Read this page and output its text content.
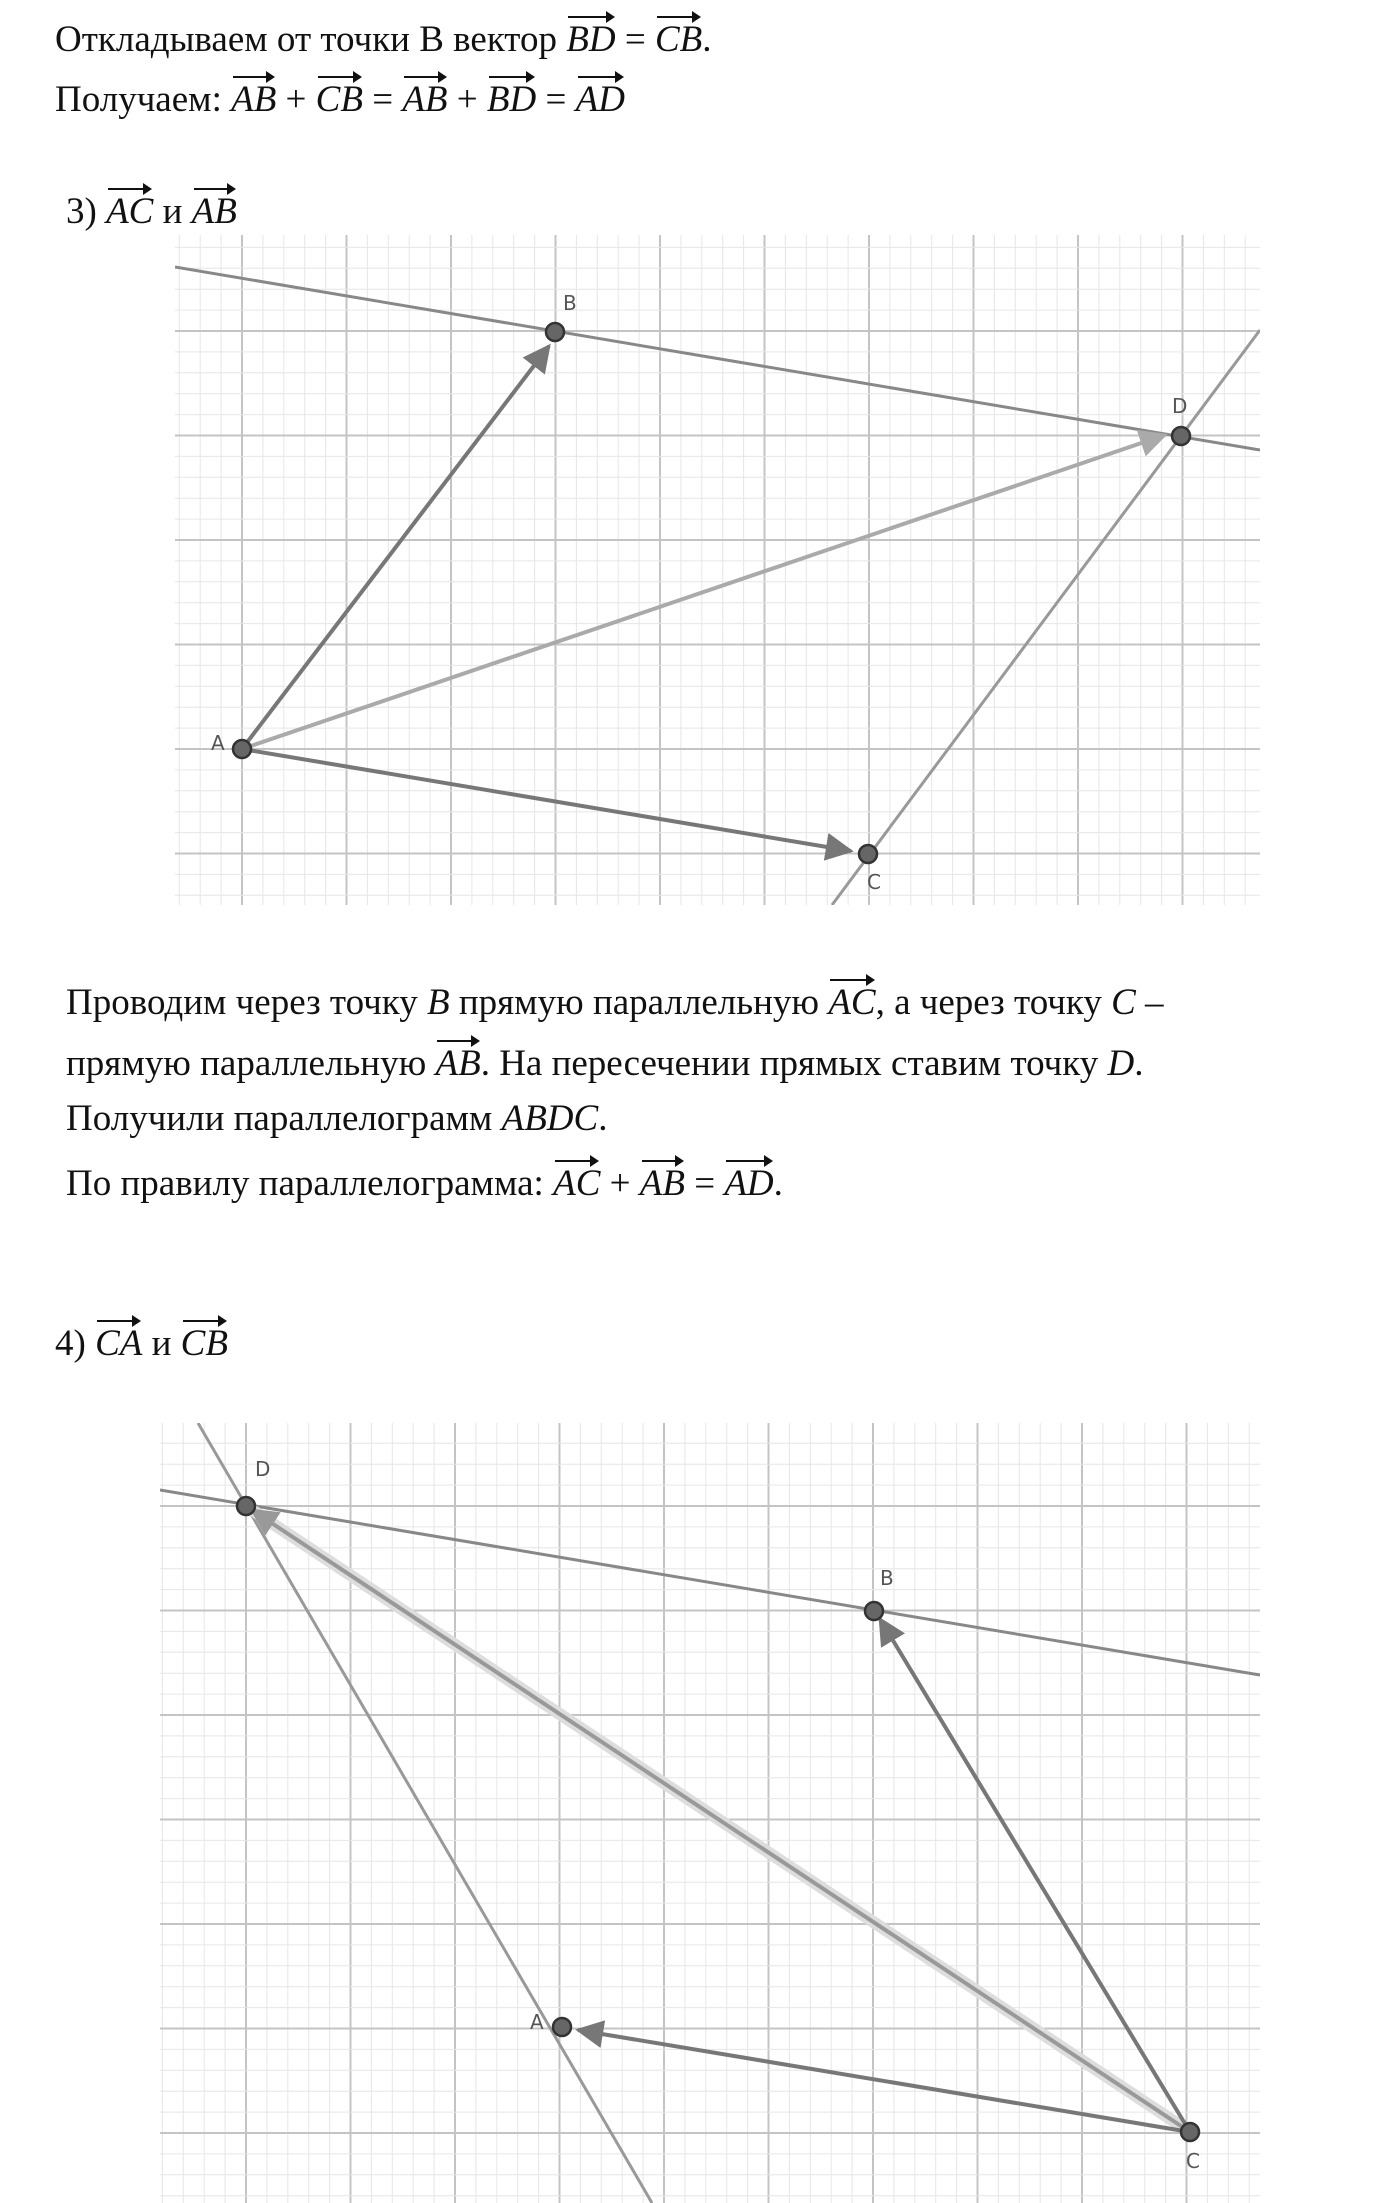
Откладываем от точки B вектор BD = CB.
Получаем: AB + CB = AB + BD = AD
3) AC и AB
A
B
C
D
Проводим через точку B прямую параллельную AC, а через точку C –
прямую параллельную AB. На пересечении прямых ставим точку D.
Получили параллелограмм ABDC.
По правилу параллелограмма: AC + AB = AD.
4) CA и CB
D
B
A
C
